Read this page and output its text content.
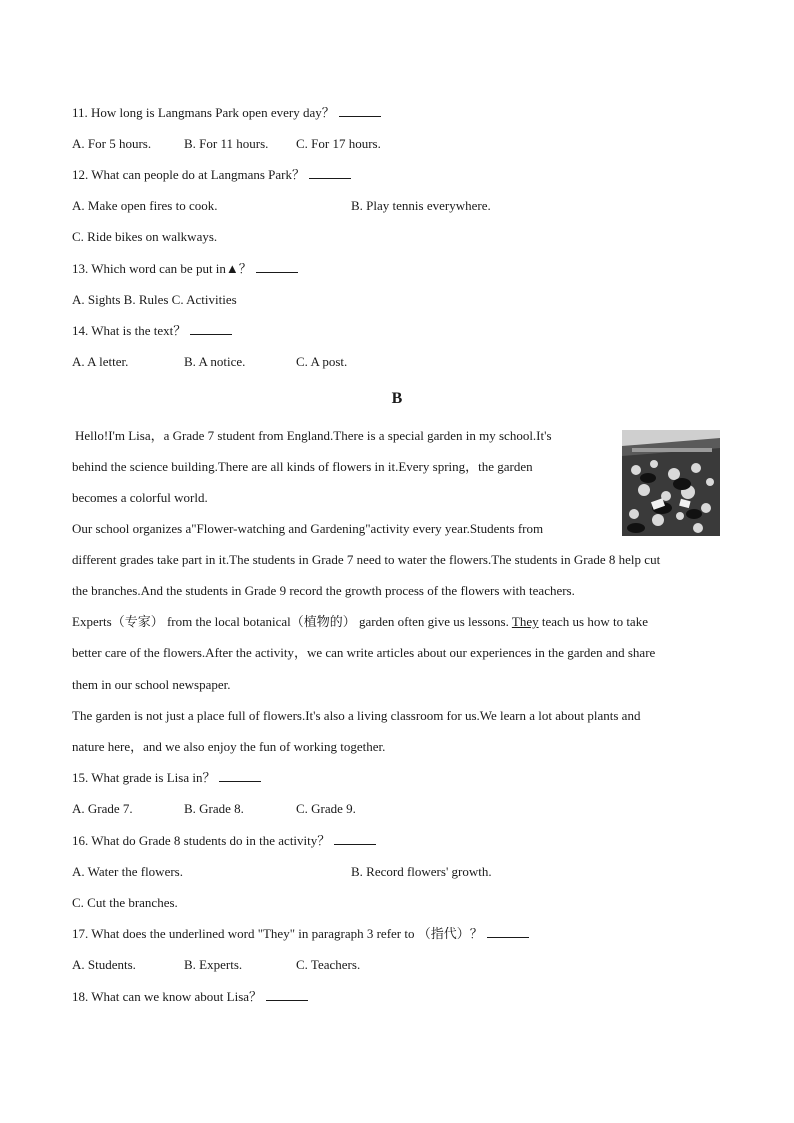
11. How long is Langmans Park open every day？
A. For 5 hours.	B. For 11 hours. C. For 17 hours.
12. What can people do at Langmans Park？
A. Make open fires to cook.	B. Play tennis everywhere.
C. Ride bikes on walkways.
13. Which word can be put in▲？
A. Sights B. Rules C. Activities
14. What is the text？
A. A letter.	B. A notice.	C. A post.
B
Hello!I'm Lisa，a Grade 7 student from England.There is a special garden in my school.It's
behind the science building.There are all kinds of flowers in it.Every spring，the garden
becomes a colorful world.
Our school organizes a"Flower-watching and Gardening"activity every year.Students from
different grades take part in it.The students in Grade 7 need to water the flowers.The students in Grade 8 help cut
the branches.And the students in Grade 9 record the growth process of the flowers with teachers.
Experts（专家） from the local botanical（植物的） garden often give us lessons. They teach us how to take
better care of the flowers.After the activity，we can write articles about our experiences in the garden and share
them in our school newspaper.
The garden is not just a place full of flowers.It's also a living classroom for us.We learn a lot about plants and
nature here，and we also enjoy the fun of working together.
15. What grade is Lisa in？
A. Grade 7.	B. Grade 8.	C. Grade 9.
16. What do Grade 8 students do in the activity？
A. Water the flowers.	B. Record flowers' growth.
C. Cut the branches.
17. What does the underlined word "They" in paragraph 3 refer to （指代）？
A. Students.	B. Experts.	C. Teachers.
18. What can we know about Lisa？
